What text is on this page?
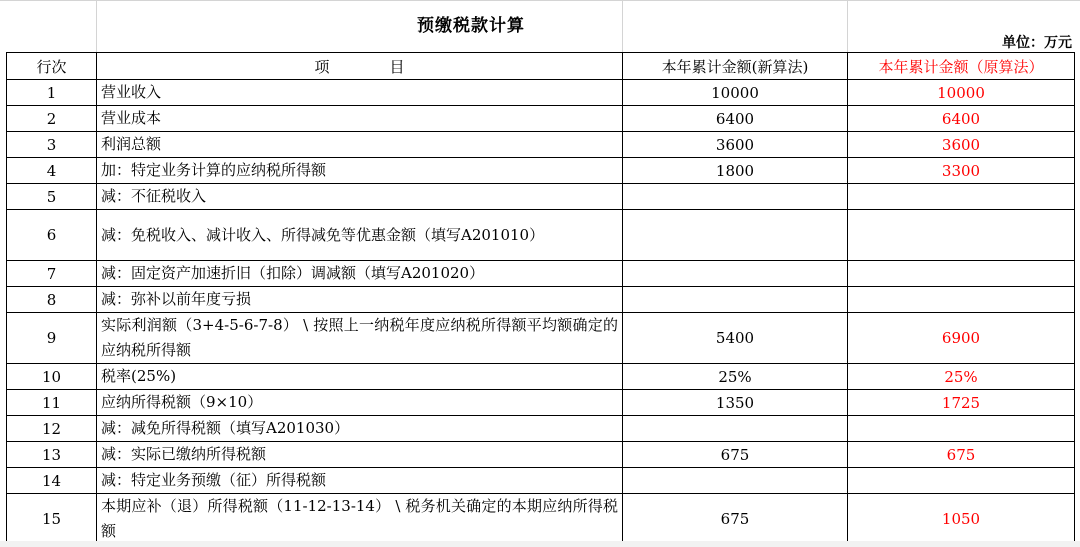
预缴税款计算
单位：万元
行次	项　　　　目	本年累计金额(新算法)	本年累计金额（原算法）
1	营业收入	10000	10000
2	营业成本	6400	6400
3	利润总额	3600	3600
4	加：特定业务计算的应纳税所得额	1800	3300
5	减：不征税收入		
6	减：免税收入、减计收入、所得减免等优惠金额（填写A201010）		
7	减：固定资产加速折旧（扣除）调减额（填写A201020）		
8	减：弥补以前年度亏损		
9	实际利润额（3+4-5-6-7-8） \ 按照上一纳税年度应纳税所得额平均额确定的应纳税所得额	5400	6900
10	税率(25%)	25%	25%
11	应纳所得税额（9×10）	1350	1725
12	减：减免所得税额（填写A201030）		
13	减：实际已缴纳所得税额	675	675
14	减：特定业务预缴（征）所得税额		
15	本期应补（退）所得税额（11-12-13-14） \ 税务机关确定的本期应纳所得税额	675	1050
